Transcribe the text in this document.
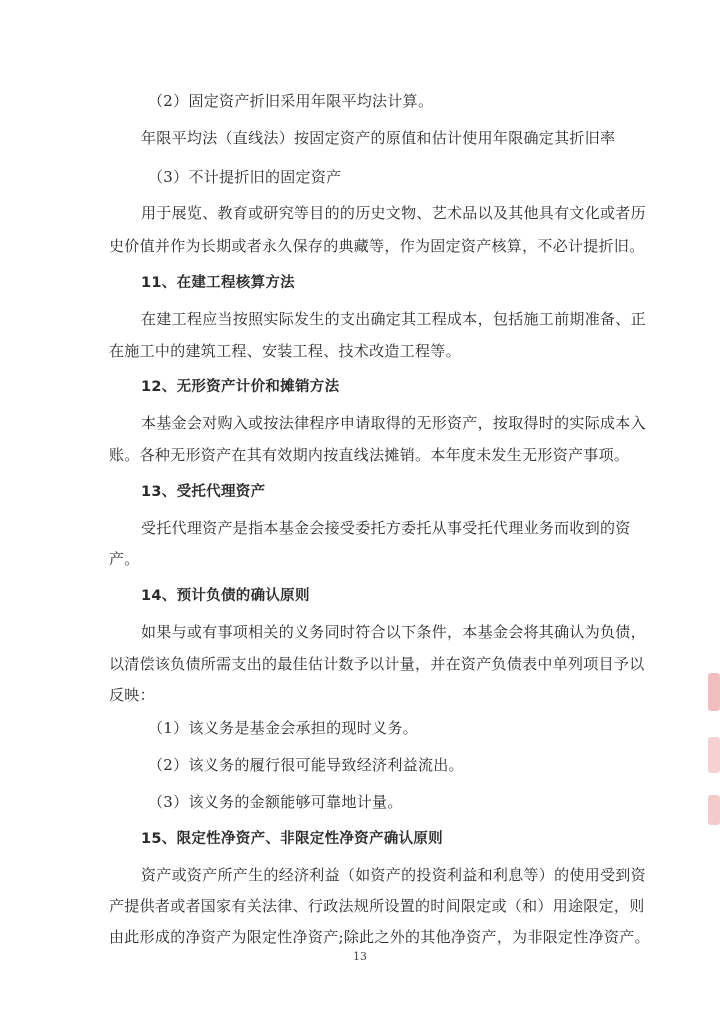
（2）固定资产折旧采用年限平均法计算。
年限平均法（直线法）按固定资产的原值和估计使用年限确定其折旧率
（3）不计提折旧的固定资产
用于展览、教育或研究等目的的历史文物、艺术品以及其他具有文化或者历
史价值并作为长期或者永久保存的典藏等，作为固定资产核算，不必计提折旧。
11、在建工程核算方法
在建工程应当按照实际发生的支出确定其工程成本，包括施工前期准备、正
在施工中的建筑工程、安装工程、技术改造工程等。
12、无形资产计价和摊销方法
本基金会对购入或按法律程序申请取得的无形资产，按取得时的实际成本入
账。各种无形资产在其有效期内按直线法摊销。本年度未发生无形资产事项。
13、受托代理资产
受托代理资产是指本基金会接受委托方委托从事受托代理业务而收到的资
产。
14、预计负债的确认原则
如果与或有事项相关的义务同时符合以下条件，本基金会将其确认为负债，
以清偿该负债所需支出的最佳估计数予以计量，并在资产负债表中单列项目予以
反映：
（1）该义务是基金会承担的现时义务。
（2）该义务的履行很可能导致经济利益流出。
（3）该义务的金额能够可靠地计量。
15、限定性净资产、非限定性净资产确认原则
资产或资产所产生的经济利益（如资产的投资利益和利息等）的使用受到资
产提供者或者国家有关法律、行政法规所设置的时间限定或（和）用途限定，则
由此形成的净资产为限定性净资产;除此之外的其他净资产，为非限定性净资产。
13
